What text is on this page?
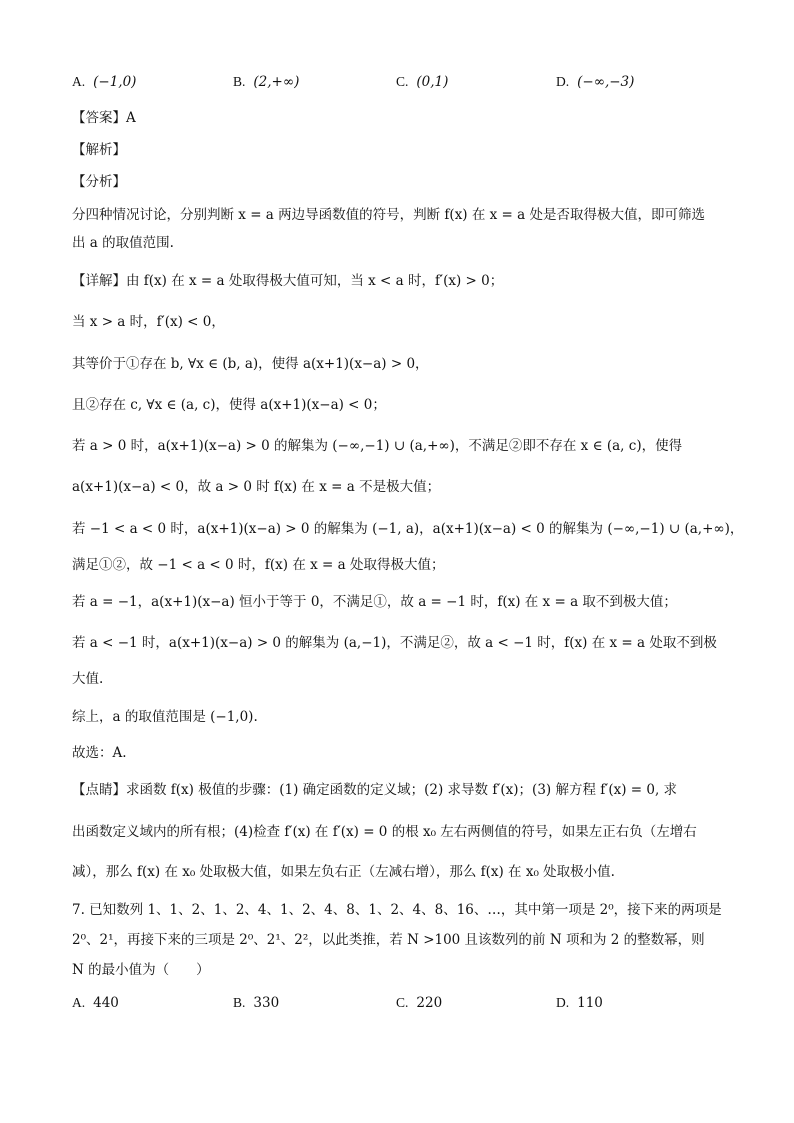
A. (−1,0)	B. (2,+∞)	C. (0,1)	D. (−∞,−3)
【答案】A
【解析】
【分析】
分四种情况讨论，分别判断 x = a 两边导函数值的符号，判断 f(x) 在 x = a 处是否取得极大值，即可筛选
出 a 的取值范围.
【详解】由 f(x) 在 x = a 处取得极大值可知，当 x < a 时，f′(x) > 0；
当 x > a 时，f′(x) < 0，
其等价于①存在 b, ∀x ∈ (b, a)，使得 a(x+1)(x−a) > 0，
且②存在 c, ∀x ∈ (a, c)，使得 a(x+1)(x−a) < 0；
若 a > 0 时，a(x+1)(x−a) > 0 的解集为 (−∞,−1) ∪ (a,+∞)，不满足②即不存在 x ∈ (a, c)，使得
a(x+1)(x−a) < 0，故 a > 0 时 f(x) 在 x = a 不是极大值；
若 −1 < a < 0 时，a(x+1)(x−a) > 0 的解集为 (−1, a)，a(x+1)(x−a) < 0 的解集为 (−∞,−1) ∪ (a,+∞)，
满足①②，故 −1 < a < 0 时，f(x) 在 x = a 处取得极大值；
若 a = −1，a(x+1)(x−a) 恒小于等于 0，不满足①，故 a = −1 时，f(x) 在 x = a 取不到极大值；
若 a < −1 时，a(x+1)(x−a) > 0 的解集为 (a,−1)，不满足②，故 a < −1 时，f(x) 在 x = a 处取不到极
大值.
综上，a 的取值范围是 (−1,0).
故选：A.
【点睛】求函数 f(x) 极值的步骤：(1) 确定函数的定义域；(2) 求导数 f′(x)；(3) 解方程 f′(x) = 0, 求
出函数定义域内的所有根；(4)检查 f′(x) 在 f′(x) = 0 的根 x₀ 左右两侧值的符号，如果左正右负（左增右
减），那么 f(x) 在 x₀ 处取极大值，如果左负右正（左减右增），那么 f(x) 在 x₀ 处取极小值.
7. 已知数列 1、1、2、1、2、4、1、2、4、8、1、2、4、8、16、…，其中第一项是 2⁰，接下来的两项是
2⁰、2¹，再接下来的三项是 2⁰、2¹、2²，以此类推，若 N >100 且该数列的前 N 项和为 2 的整数幂，则
N 的最小值为（　　）
A. 440	B. 330	C. 220	D. 110
